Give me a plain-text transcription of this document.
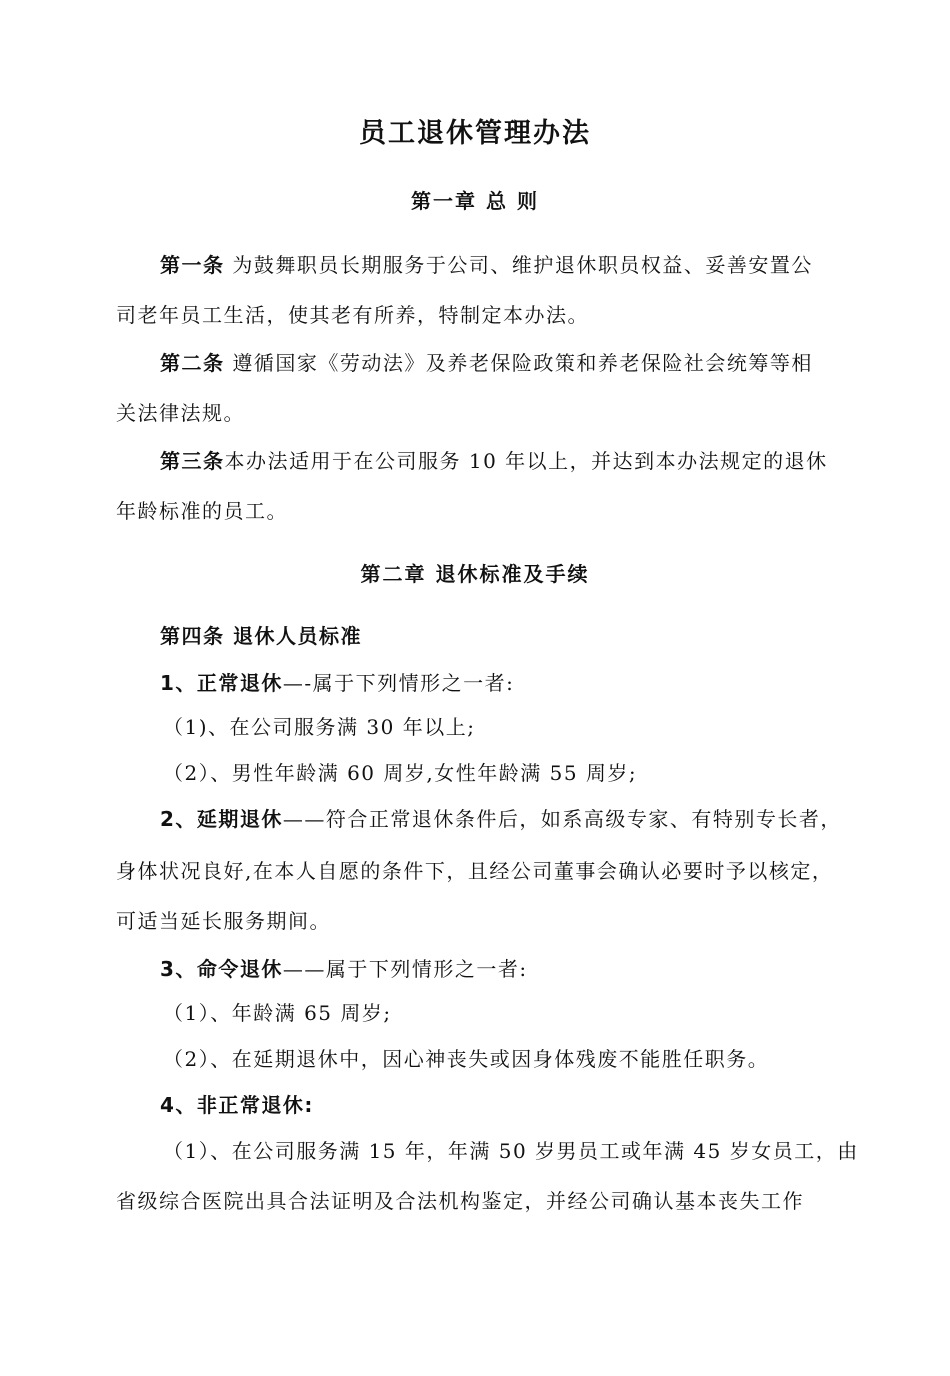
员工退休管理办法
第一章 总 则
第一条 为鼓舞职员长期服务于公司、维护退休职员权益、妥善安置公
司老年员工生活，使其老有所养，特制定本办法。
第二条 遵循国家《劳动法》及养老保险政策和养老保险社会统筹等相
关法律法规。
第三条本办法适用于在公司服务 10 年以上，并达到本办法规定的退休
年龄标准的员工。
第二章 退休标准及手续
第四条 退休人员标准
1、正常退休—-属于下列情形之一者:
（1)、在公司服务满 30 年以上;
（2）、男性年龄满 60 周岁,女性年龄满 55 周岁;
2、延期退休——符合正常退休条件后，如系高级专家、有特别专长者，
身体状况良好,在本人自愿的条件下，且经公司董事会确认必要时予以核定，
可适当延长服务期间。
3、命令退休——属于下列情形之一者:
（1）、年龄满 65 周岁;
（2）、在延期退休中，因心神丧失或因身体残废不能胜任职务。
4、非正常退休:
（1）、在公司服务满 15 年，年满 50 岁男员工或年满 45 岁女员工，由
省级综合医院出具合法证明及合法机构鉴定，并经公司确认基本丧失工作
